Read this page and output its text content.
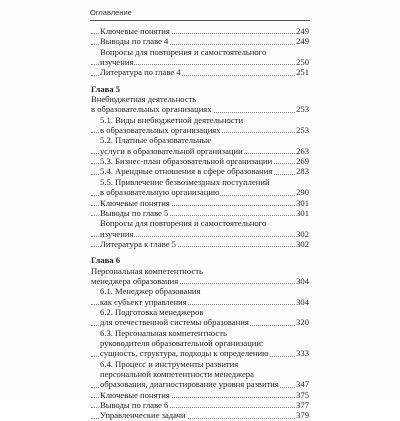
Оглавление
Ключевые понятия	249
Выводы по главе 4	249
Вопросы для повторения и самостоятельного
изучения	250
Литература по главе 4	251
Глава 5
Внебюджетная деятельность
в образовательных организациях	253
5.1. Виды внебюджетной деятельности
в образовательных организациях	253
5.2. Платные образовательные
услуги в образовательной организации	263
5.3. Бизнес-план образовательной организации	269
5.4. Арендные отношения в сфере образования	283
5.5. Привлечение безвозмездных поступлений
в образовательную организацию	290
Ключевые понятия	301
Выводы по главе 5	301
Вопросы для повторения и самостоятельного
изучения	302
Литература к главе 5	302
Глава 6
Персональная компетентность
менеджера образования	304
6.1. Менеджер образования
как субъект управления	304
6.2. Подготовка менеджеров
для отечественной системы образования	320
6.3. Персональная компетентность
руководителя образовательной организации:
сущность, структура, подходы к определению	333
6.4. Процесс и инструменты развития
персональной компетентности менеджера
образования, диагностирование уровня развития 347
Ключевые понятия	375
Выводы по главе 6	377
Управленческие задачи	379
